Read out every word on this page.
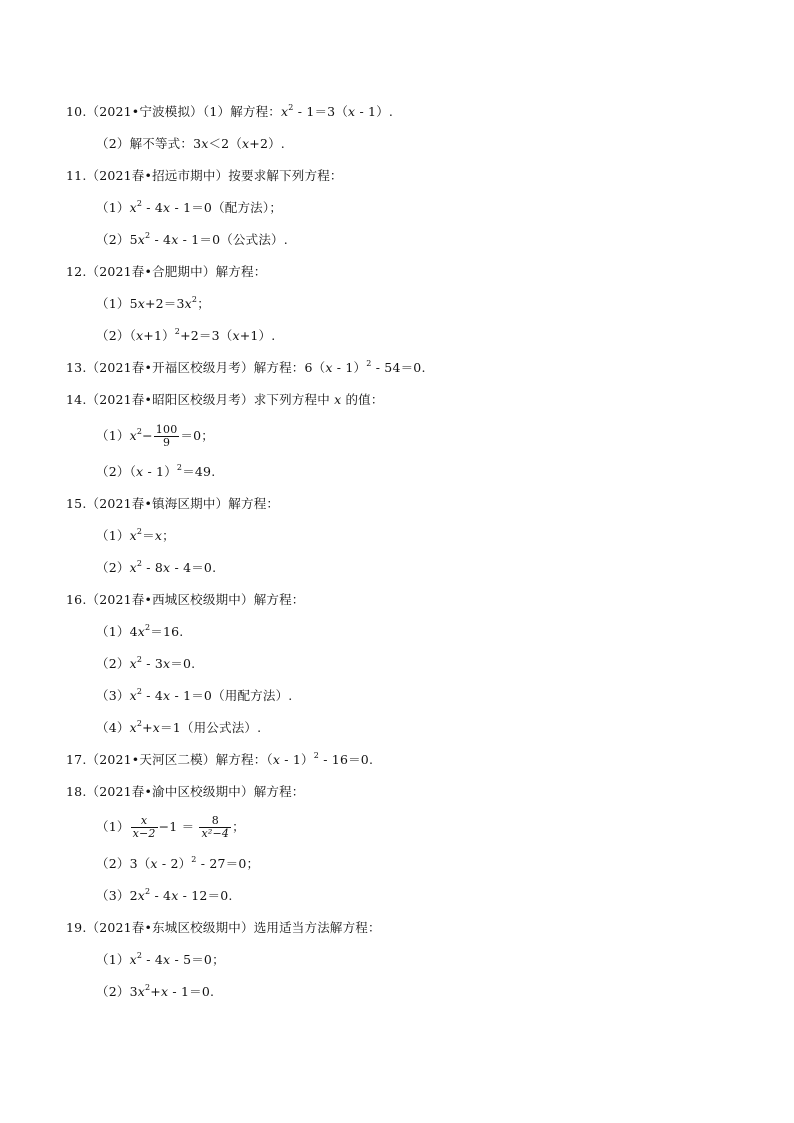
10.（2021•宁波模拟）（1）解方程：$x^2 - 1=3(x - 1)$.
（2）解不等式：3x＜2（x+2）.
11.（2021春•招远市期中）按要求解下列方程：
$(1)x^2 - 4x - 1=0$（配方法）；
$(2)5x^2 - 4x - 1=0$（公式法）.
12.（2021春•合肥期中）解方程：
$(1)5x+2=3x^2$；
$(2)(x+1)^2+2=3(x+1)$.
13.（2021春•开福区校级月考）解方程：6（x - 1）$^2$ - 54＝0.
14.（2021春•昭阳区校级月考）求下列方程中 x 的值：
$(1)x^2- \frac{100}{9} =0$；
（2）（x - 1）$^2$＝49.
15.（2021春•镇海区期中）解方程：
$(1)x^2=x$；
$(2)x^2 - 8x - 4=0$.
16.（2021春•西城区校级期中）解方程：
$(1)4x^2=16$.
$(2)x^2 - 3x=0$.
$(3)x^2 - 4x - 1=0$（用配方法）.
$(4)x^2+x=1$（用公式法）.
17.（2021•天河区二模）解方程：（x - 1）$^2$ - 16＝0.
18.（2021春•渝中区校级期中）解方程：
$(1) \frac{x}{x-2} -1 = \frac{8}{\text{x²−4}}$ ；
（2）3（x - 2）$^2$ - 27＝0；
$(3)2x^2 - 4x - 12=0$.
19.（2021春•东城区校级期中）选用适当方法解方程：
$(1)x^2 - 4x - 5=0$；
$(2)3x^2+x - 1=0$.
